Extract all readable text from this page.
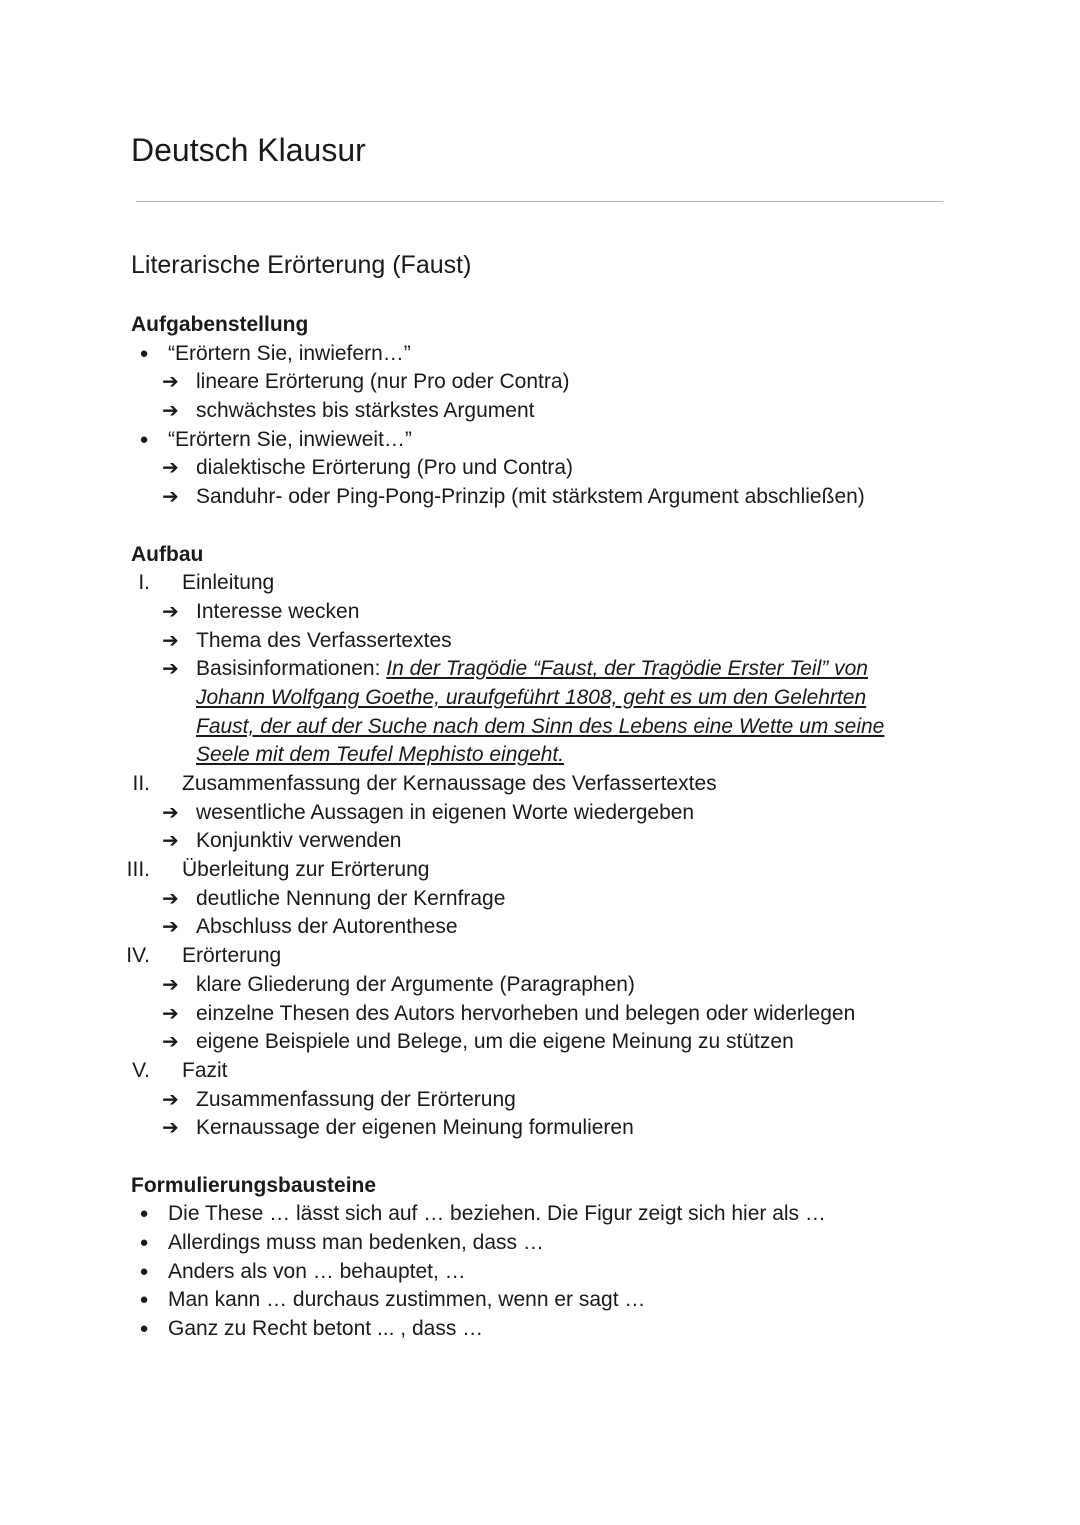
Deutsch Klausur
Literarische Erörterung (Faust)
Aufgabenstellung
● “Erörtern Sie, inwiefern…”
➔ lineare Erörterung (nur Pro oder Contra)
➔ schwächstes bis stärkstes Argument
● “Erörtern Sie, inwieweit…”
➔ dialektische Erörterung (Pro und Contra)
➔ Sanduhr- oder Ping-Pong-Prinzip (mit stärkstem Argument abschließen)
Aufbau
I. Einleitung
➔ Interesse wecken
➔ Thema des Verfassertextes
➔ Basisinformationen: In der Tragödie “Faust, der Tragödie Erster Teil” von
Johann Wolfgang Goethe, uraufgeführt 1808, geht es um den Gelehrten
Faust, der auf der Suche nach dem Sinn des Lebens eine Wette um seine
Seele mit dem Teufel Mephisto eingeht.
II. Zusammenfassung der Kernaussage des Verfassertextes
➔ wesentliche Aussagen in eigenen Worte wiedergeben
➔ Konjunktiv verwenden
III. Überleitung zur Erörterung
➔ deutliche Nennung der Kernfrage
➔ Abschluss der Autorenthese
IV. Erörterung
➔ klare Gliederung der Argumente (Paragraphen)
➔ einzelne Thesen des Autors hervorheben und belegen oder widerlegen
➔ eigene Beispiele und Belege, um die eigene Meinung zu stützen
V. Fazit
➔ Zusammenfassung der Erörterung
➔ Kernaussage der eigenen Meinung formulieren
Formulierungsbausteine
● Die These … lässt sich auf … beziehen. Die Figur zeigt sich hier als …
● Allerdings muss man bedenken, dass …
● Anders als von … behauptet, …
● Man kann … durchaus zustimmen, wenn er sagt …
● Ganz zu Recht betont ... , dass …
